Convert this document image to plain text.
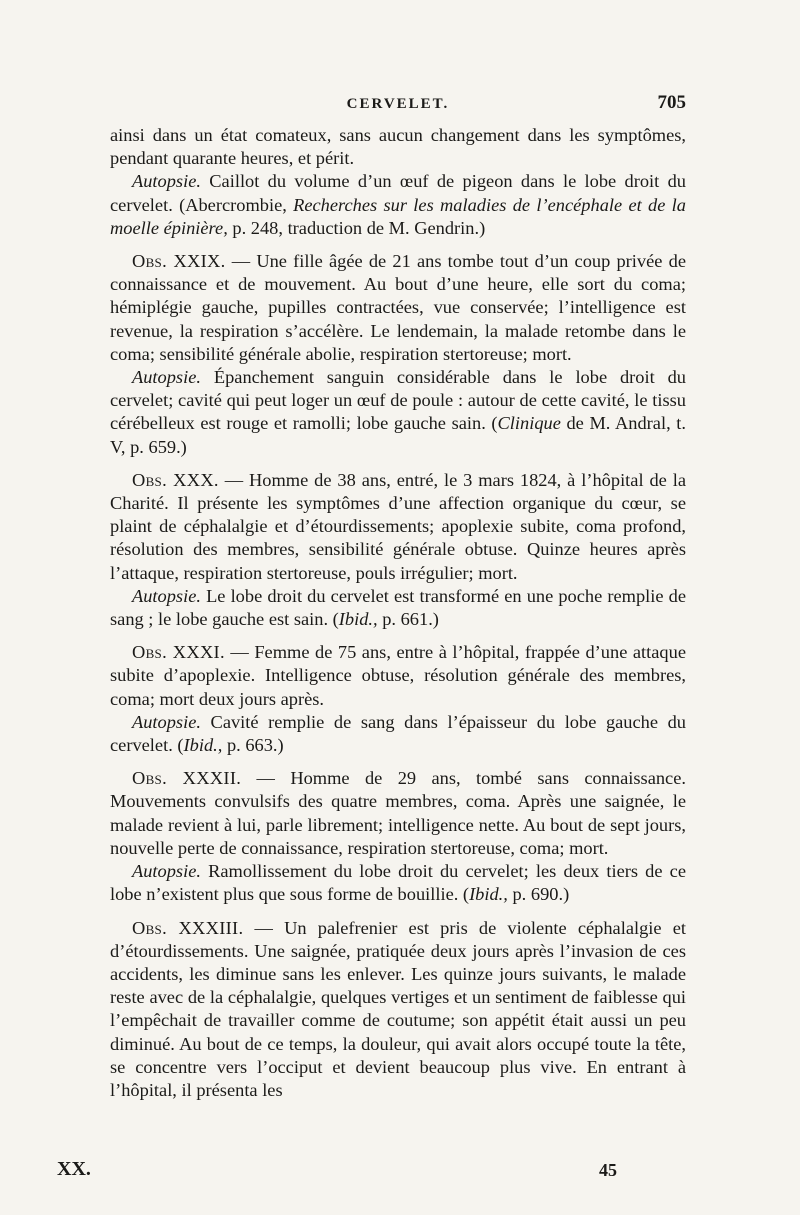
CERVELET.	705

ainsi dans un état comateux, sans aucun changement dans les symptômes, pendant quarante heures, et périt.

Autopsie. Caillot du volume d’un œuf de pigeon dans le lobe droit du cervelet. (Abercrombie, Recherches sur les maladies de l’encéphale et de la moelle épinière, p. 248, traduction de M. Gendrin.)

Obs. XXIX. — Une fille âgée de 21 ans tombe tout d’un coup privée de connaissance et de mouvement. Au bout d’une heure, elle sort du coma; hémiplégie gauche, pupilles contractées, vue conservée; l’intelligence est revenue, la respiration s’accélère. Le lendemain, la malade retombe dans le coma; sensibilité générale abolie, respiration stertoreuse; mort.

Autopsie. Épanchement sanguin considérable dans le lobe droit du cervelet; cavité qui peut loger un œuf de poule : autour de cette cavité, le tissu cérébelleux est rouge et ramolli; lobe gauche sain. (Clinique de M. Andral, t. V, p. 659.)

Obs. XXX. — Homme de 38 ans, entré, le 3 mars 1824, à l’hôpital de la Charité. Il présente les symptômes d’une affection organique du cœur, se plaint de céphalalgie et d’étourdissements; apoplexie subite, coma profond, résolution des membres, sensibilité générale obtuse. Quinze heures après l’attaque, respiration stertoreuse, pouls irrégulier; mort.

Autopsie. Le lobe droit du cervelet est transformé en une poche remplie de sang ; le lobe gauche est sain. (Ibid., p. 661.)

Obs. XXXI. — Femme de 75 ans, entre à l’hôpital, frappée d’une attaque subite d’apoplexie. Intelligence obtuse, résolution générale des membres, coma; mort deux jours après.

Autopsie. Cavité remplie de sang dans l’épaisseur du lobe gauche du cervelet. (Ibid., p. 663.)

Obs. XXXII. — Homme de 29 ans, tombé sans connaissance. Mouvements convulsifs des quatre membres, coma. Après une saignée, le malade revient à lui, parle librement; intelligence nette. Au bout de sept jours, nouvelle perte de connaissance, respiration stertoreuse, coma; mort.

Autopsie. Ramollissement du lobe droit du cervelet; les deux tiers de ce lobe n’existent plus que sous forme de bouillie. (Ibid., p. 690.)

Obs. XXXIII. — Un palefrenier est pris de violente céphalalgie et d’étourdissements. Une saignée, pratiquée deux jours après l’invasion de ces accidents, les diminue sans les enlever. Les quinze jours suivants, le malade reste avec de la céphalalgie, quelques vertiges et un sentiment de faiblesse qui l’empêchait de travailler comme de coutume; son appétit était aussi un peu diminué. Au bout de ce temps, la douleur, qui avait alors occupé toute la tête, se concentre vers l’occiput et devient beaucoup plus vive. En entrant à l’hôpital, il présenta les

XX.	45
